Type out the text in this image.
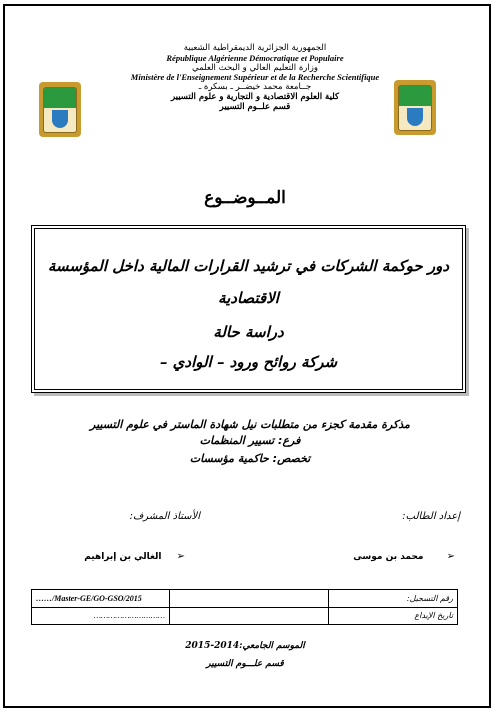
الجمهورية الجزائرية الديمقراطية الشعبية
République Algérienne Démocratique et Populaire
وزارة التعليم العالي و البحث العلمي
Ministère de l'Enseignement Supérieur et de la Recherche Scientifique
جــامعة محمد خيضــر ـ بسكرة ـ
كلية العلوم الاقتصادية و التجارية و علوم التسيير
قسم علــوم التسيير
المــوضــوع
دور حوكمة الشركات في ترشيد القرارات المالية داخل المؤسسة
الاقتصادية
دراسة حالة
شركة روائح ورود – الوادي –
مذكرة مقدمة كجزء من متطلبات نيل شهادة الماستر في علوم التسيير
فرع: تسيير المنظمات
تخصص: حاكمية مؤسسات
إعداد الطالب:
الأستاذ المشرف:
➢ محمد بن موسى
➢ الغالي بن إبراهيم
……/Master-GE/GO-GSO/2015		رقم التسجيل:
…………………………		تاريخ الإيداع
الموسم الجامعي:2014-2015
قسم علـــوم التسيير
